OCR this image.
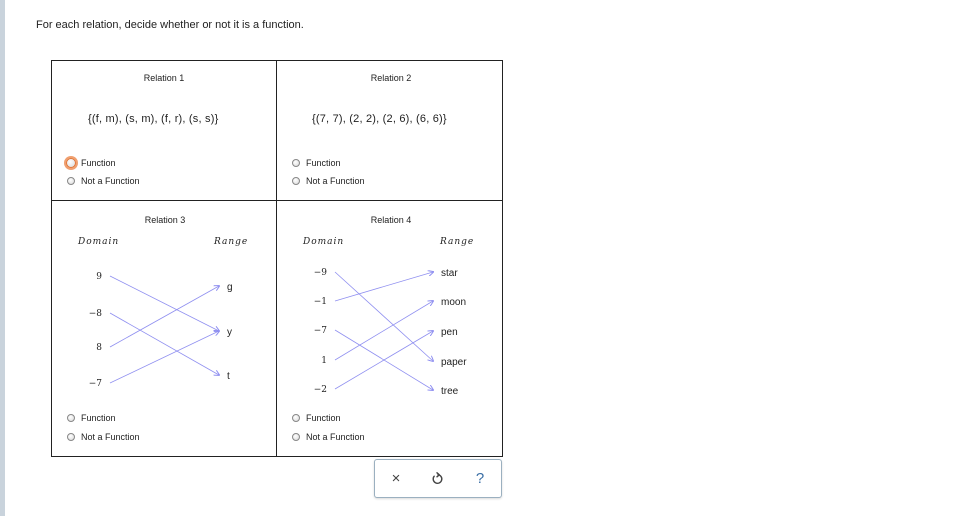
For each relation, decide whether or not it is a function.
Relation 1
{(f, m), (s, m), (f, r), (s, s)}
Function
Not a Function
Relation 2
{(7, 7), (2, 2), (2, 6), (6, 6)}
Function
Not a Function
Relation 3
Domain	Range
9
−8
8
−7
g
y
t
Function
Not a Function
Relation 4
Domain	Range
−9
−1
−7
1
−2
star
moon
pen
paper
tree
Function
Not a Function
×	?
